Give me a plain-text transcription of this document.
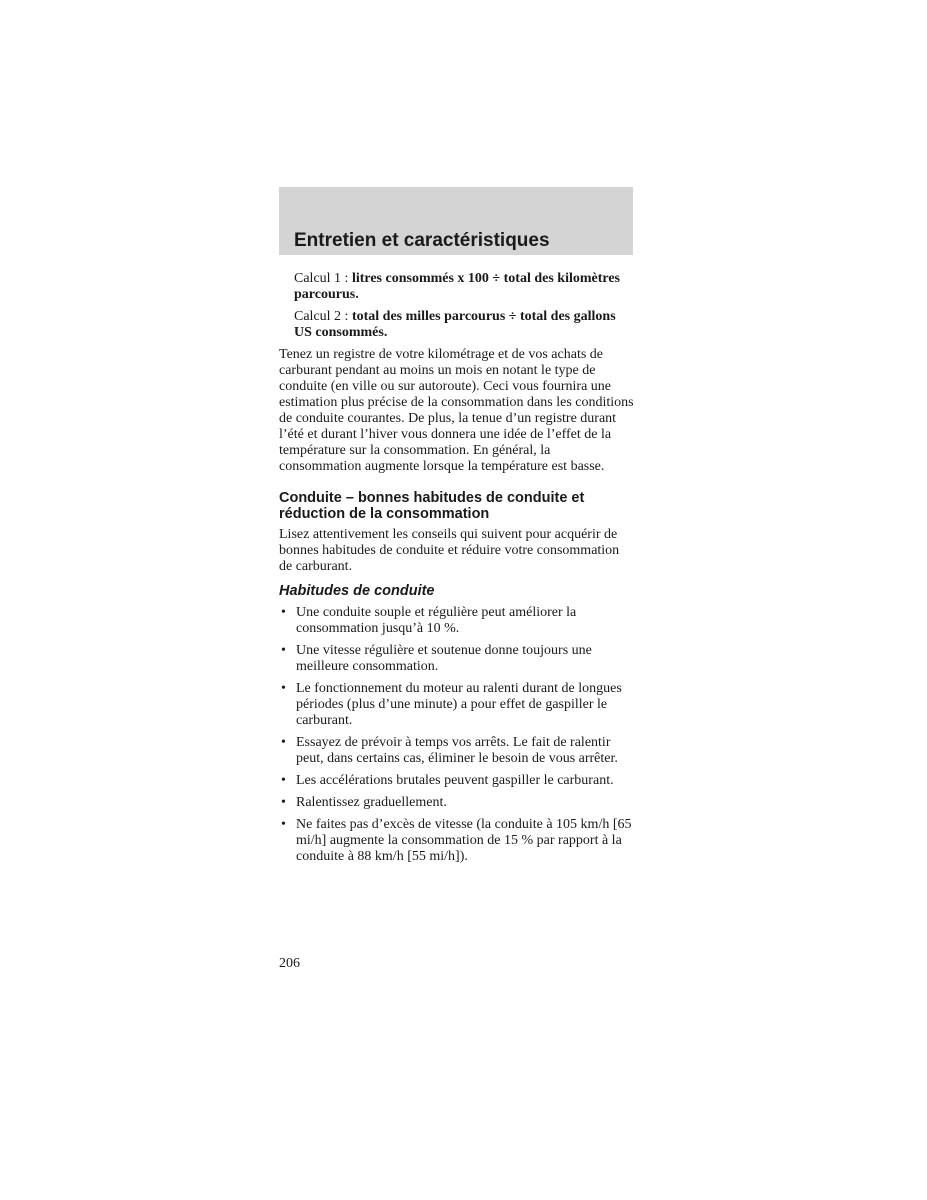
Entretien et caractéristiques

Calcul 1 : litres consommés x 100 ÷ total des kilomètres parcourus.

Calcul 2 : total des milles parcourus ÷ total des gallons US consommés.

Tenez un registre de votre kilométrage et de vos achats de carburant pendant au moins un mois en notant le type de conduite (en ville ou sur autoroute). Ceci vous fournira une estimation plus précise de la consommation dans les conditions de conduite courantes. De plus, la tenue d’un registre durant l’été et durant l’hiver vous donnera une idée de l’effet de la température sur la consommation. En général, la consommation augmente lorsque la température est basse.

Conduite – bonnes habitudes de conduite et réduction de la consommation

Lisez attentivement les conseils qui suivent pour acquérir de bonnes habitudes de conduite et réduire votre consommation de carburant.

Habitudes de conduite

• Une conduite souple et régulière peut améliorer la consommation jusqu’à 10 %.
• Une vitesse régulière et soutenue donne toujours une meilleure consommation.
• Le fonctionnement du moteur au ralenti durant de longues périodes (plus d’une minute) a pour effet de gaspiller le carburant.
• Essayez de prévoir à temps vos arrêts. Le fait de ralentir peut, dans certains cas, éliminer le besoin de vous arrêter.
• Les accélérations brutales peuvent gaspiller le carburant.
• Ralentissez graduellement.
• Ne faites pas d’excès de vitesse (la conduite à 105 km/h [65 mi/h] augmente la consommation de 15 % par rapport à la conduite à 88 km/h [55 mi/h]).
206
